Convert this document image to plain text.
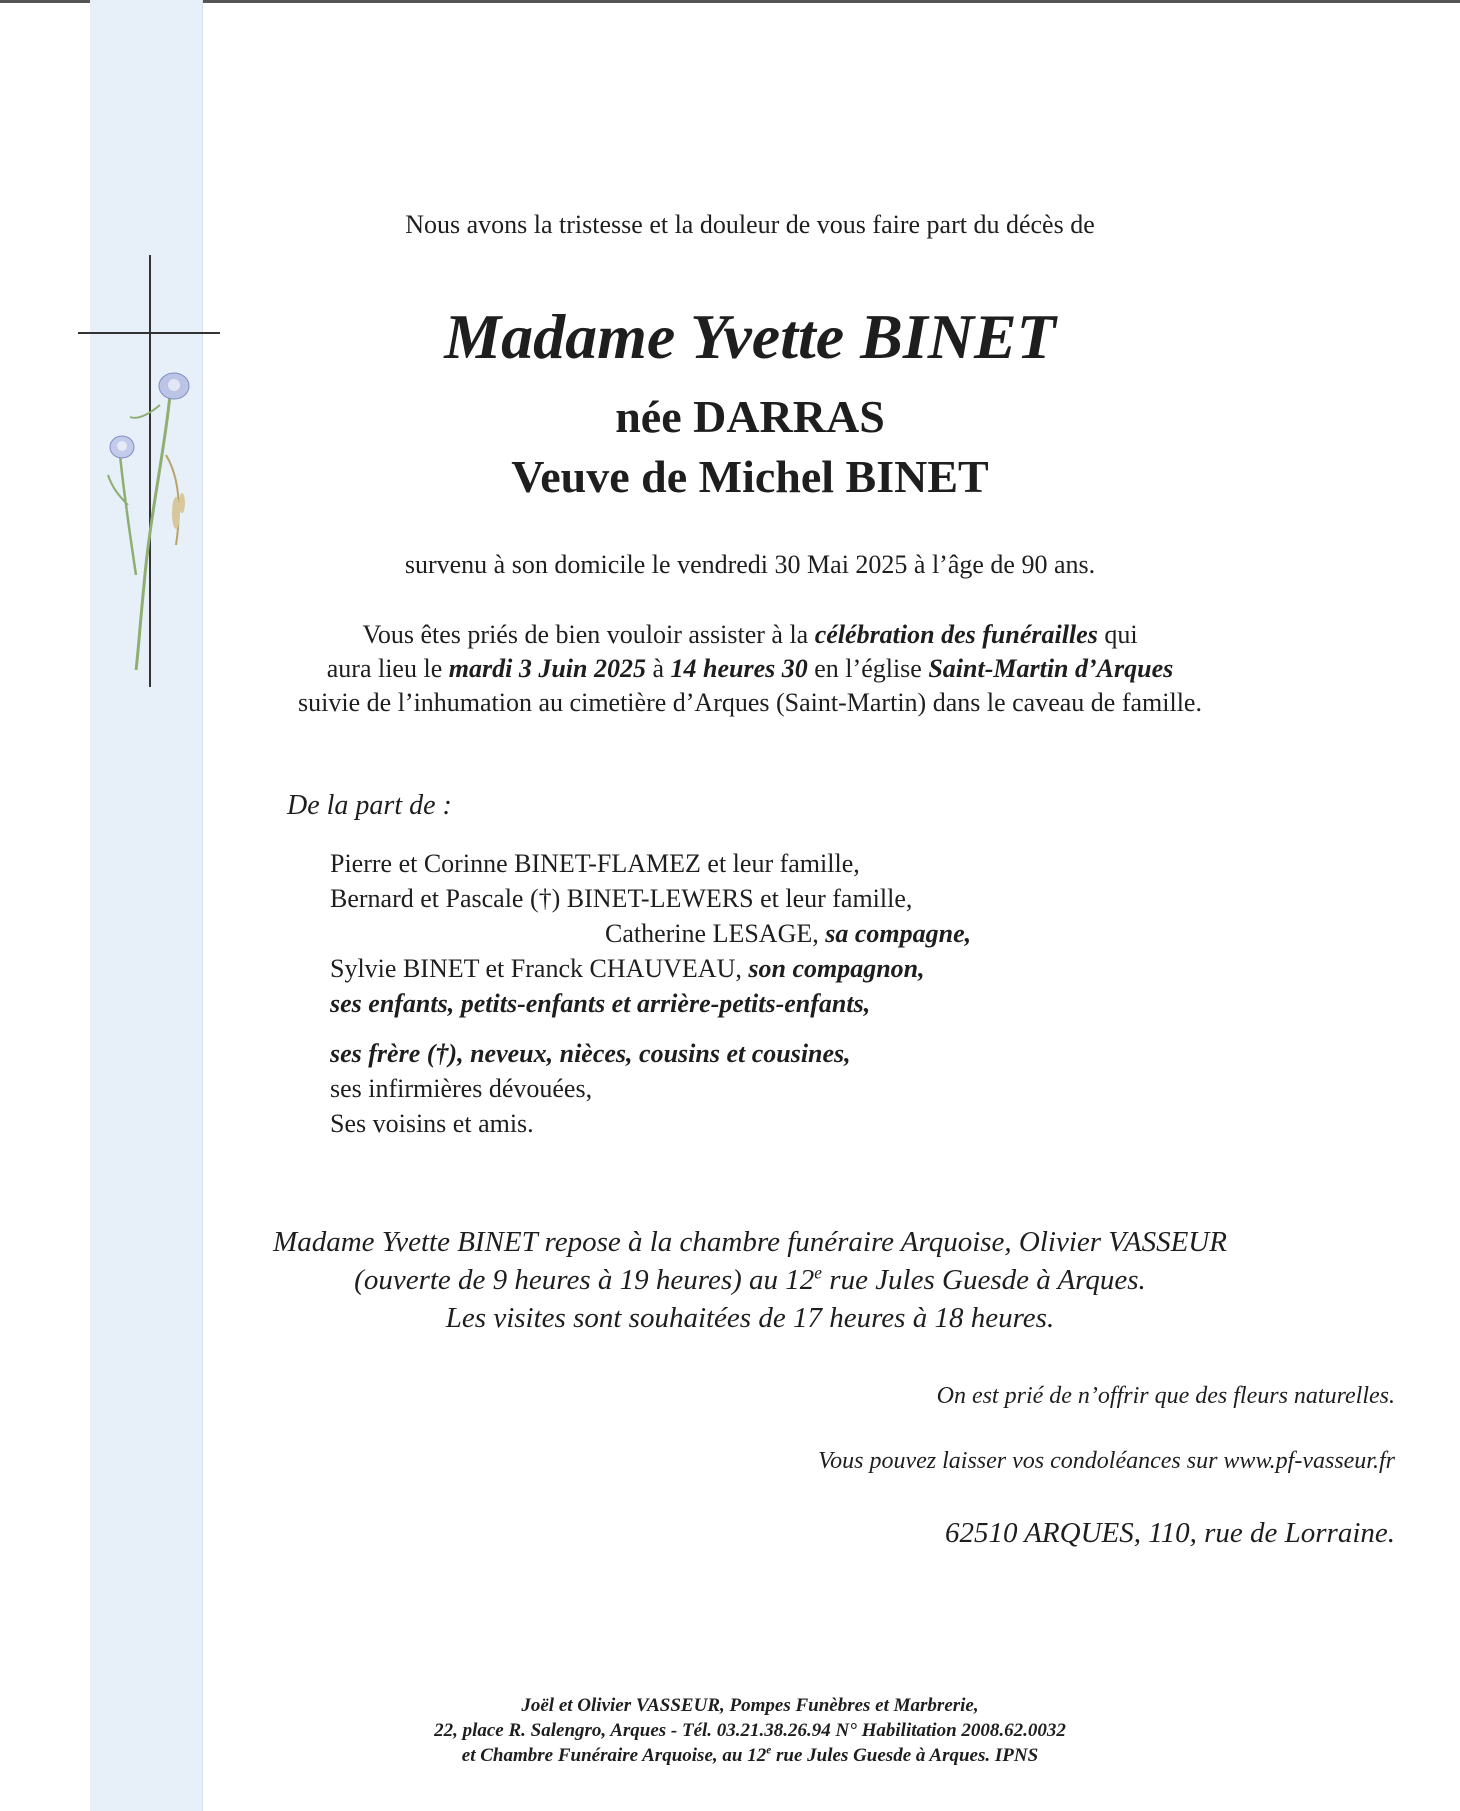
Nous avons la tristesse et la douleur de vous faire part du décès de
Madame Yvette BINET
née DARRAS
Veuve de Michel BINET
survenu à son domicile le vendredi 30 Mai 2025 à l’âge de 90 ans.
Vous êtes priés de bien vouloir assister à la célébration des funérailles qui
aura lieu le mardi 3 Juin 2025 à 14 heures 30 en l’église Saint-Martin d’Arques
suivie de l’inhumation au cimetière d’Arques (Saint-Martin) dans le caveau de famille.
De la part de :
Pierre et Corinne BINET-FLAMEZ et leur famille,
Bernard et Pascale (†) BINET-LEWERS et leur famille,
Catherine LESAGE, sa compagne,
Sylvie BINET et Franck CHAUVEAU, son compagnon,
ses enfants, petits-enfants et arrière-petits-enfants,
ses frère (†), neveux, nièces, cousins et cousines,
ses infirmières dévouées,
Ses voisins et amis.
Madame Yvette BINET repose à la chambre funéraire Arquoise, Olivier VASSEUR
(ouverte de 9 heures à 19 heures) au 12e rue Jules Guesde à Arques.
Les visites sont souhaitées de 17 heures à 18 heures.
On est prié de n’offrir que des fleurs naturelles.
Vous pouvez laisser vos condoléances sur www.pf-vasseur.fr
62510 ARQUES, 110, rue de Lorraine.
Joël et Olivier VASSEUR, Pompes Funèbres et Marbrerie,
22, place R. Salengro, Arques - Tél. 03.21.38.26.94 N° Habilitation 2008.62.0032
et Chambre Funéraire Arquoise, au 12e rue Jules Guesde à Arques. IPNS
